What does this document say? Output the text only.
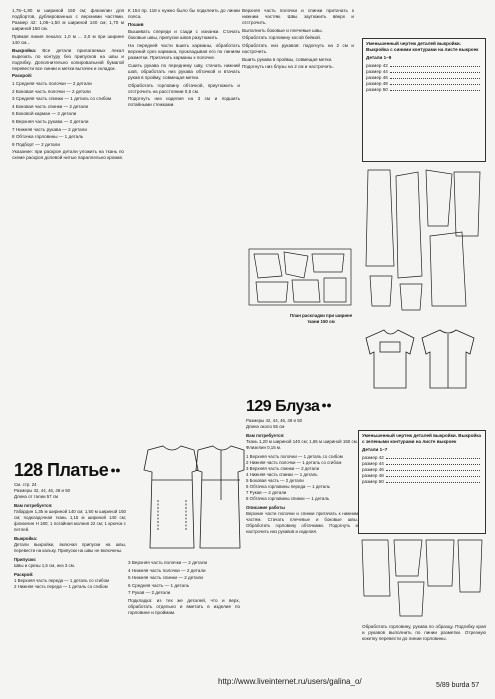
1,75–1,80 м шириной 150 см; флизелин для подбортов, дублированных с верхними частями. Размер 42: 1,05–1,50 м шириной 140 см; 1,70 м шириной 150 см.

Прямая линия лекала: 1,0 м ... 2,0 м при ширине 140 см...

Выкройка: Все детали прилагаемых лекал вырезать по контуру без припусков на швы и подгибку. Дополнительно копировальной бумагой перевести все линии и метки вытачек и складок.

Раскрой:

1 Средняя часть полочки — 2 детали

2 Боковая часть полочки — 2 детали

3 Средняя часть спинки — 1 деталь со сгибом

4 Боковая часть спинки — 2 детали

5 Боковой карман — 2 детали

6 Верхняя часть рукава — 2 детали

7 Нижняя часть рукава — 2 детали

8 Обтачка горловины — 1 деталь

9 Подборт — 2 детали

Указание: при раскрое детали уложить на ткань по схеме раскроя долевой нитью параллельно кромке.

128 Платье ●●
См. стр. 24
Размеры 42, 44, 46, 48 и 50
Длина от талии 57 см
Вам потребуется:
Габардин 1,35 м шириной 140 см; 1,50 м шириной 150 см; подкладочная ткань 1,15 м шириной 140 см; флизелин H 180; 1 потайная молния 22 см; 1 крючок с петлей.
Выкройка:
Детали выкройки, включая припуски на швы, перевести на кальку. Припуски на швы не включены.
Припуски:
Швы и срезы 1,5 см, низ 3 см.
Раскрой:
1 Верхняя часть переда — 1 деталь со сгибом
2 Нижняя часть переда — 1 деталь со сгибом

К 154 пр. 118 к нужно было бы подклеить до линии пояса.

Пошив

Вышивать спереди и сзади с изнанки. Стачать боковые швы, припуски швов разутюжить.

На передней части вшить карманы, обработать верхний срез кармана, прокладывая его по линиям разметки. Притачать карманы к полочке.

Сшить рукава по переднему шву, стачать нижний шов, обработать низ рукава обтачкой и втачать рукав в пройму, совмещая метки.

Обработать горловину обтачкой, приутюжить и отстрочить на расстоянии 0,5 см.

Подогнуть низ изделия на 3 см и подшить потайными стежками.

3 Верхняя часть полочки — 2 детали

4 Нижняя часть полочки — 2 детали

5 Нижняя часть спинки — 2 детали

6 Средняя часть — 1 деталь

7 Рукав — 2 детали

Подкладка: из тех же деталей, что и верх, обработать отдельно и вметать в изделие по горловине и проймам.

Верхняя часть полочки и спинки притачать к нижним частям. Швы заутюжить вверх и отстрочить.

Выполнить боковые и плечевые швы.

Обработать горловину косой бейкой.

Обработать низ рукавов: подогнуть на 2 см и настрочить.

Вшить рукава в проймы, совмещая метки.

Подогнуть низ блузы на 2 см и настрочить.

План раскладки при ширине ткани 150 см
129 Блуза ●●
Размеры 42, 44, 46, 48 и 50
Длина около 55 см
Вам потребуется:
Ткань 1,20 м шириной 140 см; 1,65 м шириной 150 см. Флизелин 0,15 м.
1 Верхняя часть полочки — 1 деталь со сгибом
2 Нижняя часть полочки — 1 деталь со сгибом
3 Верхняя часть спинки — 2 детали
4 Нижняя часть спинки — 1 деталь
5 Боковая часть — 2 детали
6 Обтачка горловины переда — 1 деталь
7 Рукав — 2 детали
8 Обтачка горловины спинки — 1 деталь
Описание работы
Верхние части полочки и спинки притачать к нижним частям. Стачать плечевые и боковые швы. Обработать горловину обтачками. Подогнуть и настрочить низ рукавов и изделия.
Уменьшенный чертеж деталей выкройки. Выкройка с синими контурами на листе выкроек
Детали 1–9
размер 42
размер 44
размер 46
размер 48
размер 50
Уменьшенный чертеж деталей выкройки. Выкройка с зелеными контурами на листе выкроек
Детали 1–7
размер 42
размер 44
размер 46
размер 48
размер 50
Обработать горловину, рукава по образцу. Подгибку края и рукавов выполнить по линии разметки. Отрезную кокетку перевести до линии горловины.
http://www.liveinternet.ru/users/galina_o/	5/89 burda 57
